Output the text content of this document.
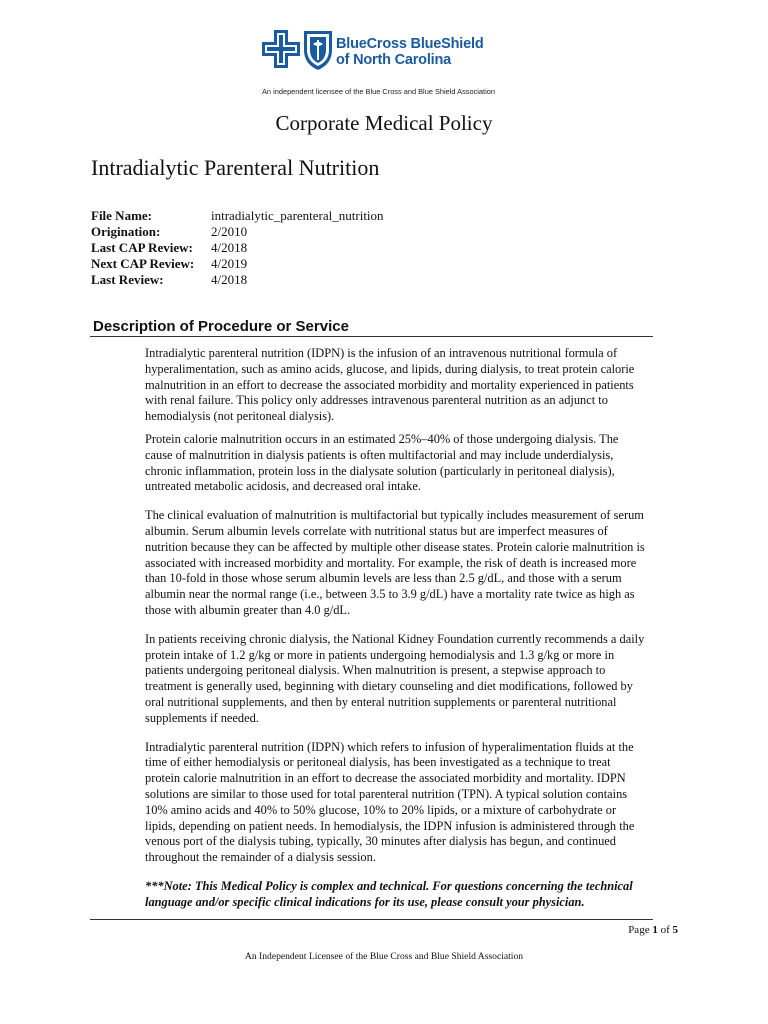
BlueCross BlueShield
of North Carolina
An independent licensee of the Blue Cross and Blue Shield Association
Corporate Medical Policy
Intradialytic Parenteral Nutrition
File Name:	intradialytic_parenteral_nutrition
Origination:	2/2010
Last CAP Review:	4/2018
Next CAP Review:	4/2019
Last Review:	4/2018
Description of Procedure or Service

Intradialytic parenteral nutrition (IDPN) is the infusion of an intravenous nutritional formula of hyperalimentation, such as amino acids, glucose, and lipids, during dialysis, to treat protein calorie malnutrition in an effort to decrease the associated morbidity and mortality experienced in patients with renal failure. This policy only addresses intravenous parenteral nutrition as an adjunct to hemodialysis (not peritoneal dialysis).

Protein calorie malnutrition occurs in an estimated 25%–40% of those undergoing dialysis. The cause of malnutrition in dialysis patients is often multifactorial and may include underdialysis, chronic inflammation, protein loss in the dialysate solution (particularly in peritoneal dialysis), untreated metabolic acidosis, and decreased oral intake.

The clinical evaluation of malnutrition is multifactorial but typically includes measurement of serum albumin. Serum albumin levels correlate with nutritional status but are imperfect measures of nutrition because they can be affected by multiple other disease states. Protein calorie malnutrition is associated with increased morbidity and mortality. For example, the risk of death is increased more than 10-fold in those whose serum albumin levels are less than 2.5 g/dL, and those with a serum albumin near the normal range (i.e., between 3.5 to 3.9 g/dL) have a mortality rate twice as high as those with albumin greater than 4.0 g/dL.

In patients receiving chronic dialysis, the National Kidney Foundation currently recommends a daily protein intake of 1.2 g/kg or more in patients undergoing hemodialysis and 1.3 g/kg or more in patients undergoing peritoneal dialysis. When malnutrition is present, a stepwise approach to treatment is generally used, beginning with dietary counseling and diet modifications, followed by oral nutritional supplements, and then by enteral nutrition supplements or parenteral nutritional supplements if needed.

Intradialytic parenteral nutrition (IDPN) which refers to infusion of hyperalimentation fluids at the time of either hemodialysis or peritoneal dialysis, has been investigated as a technique to treat protein calorie malnutrition in an effort to decrease the associated morbidity and mortality. IDPN solutions are similar to those used for total parenteral nutrition (TPN). A typical solution contains 10% amino acids and 40% to 50% glucose, 10% to 20% lipids, or a mixture of carbohydrate or lipids, depending on patient needs. In hemodialysis, the IDPN infusion is administered through the venous port of the dialysis tubing, typically, 30 minutes after dialysis has begun, and continued throughout the remainder of a dialysis session.

***Note: This Medical Policy is complex and technical. For questions concerning the technical language and/or specific clinical indications for its use, please consult your physician.

Page 1 of 5
An Independent Licensee of the Blue Cross and Blue Shield Association
